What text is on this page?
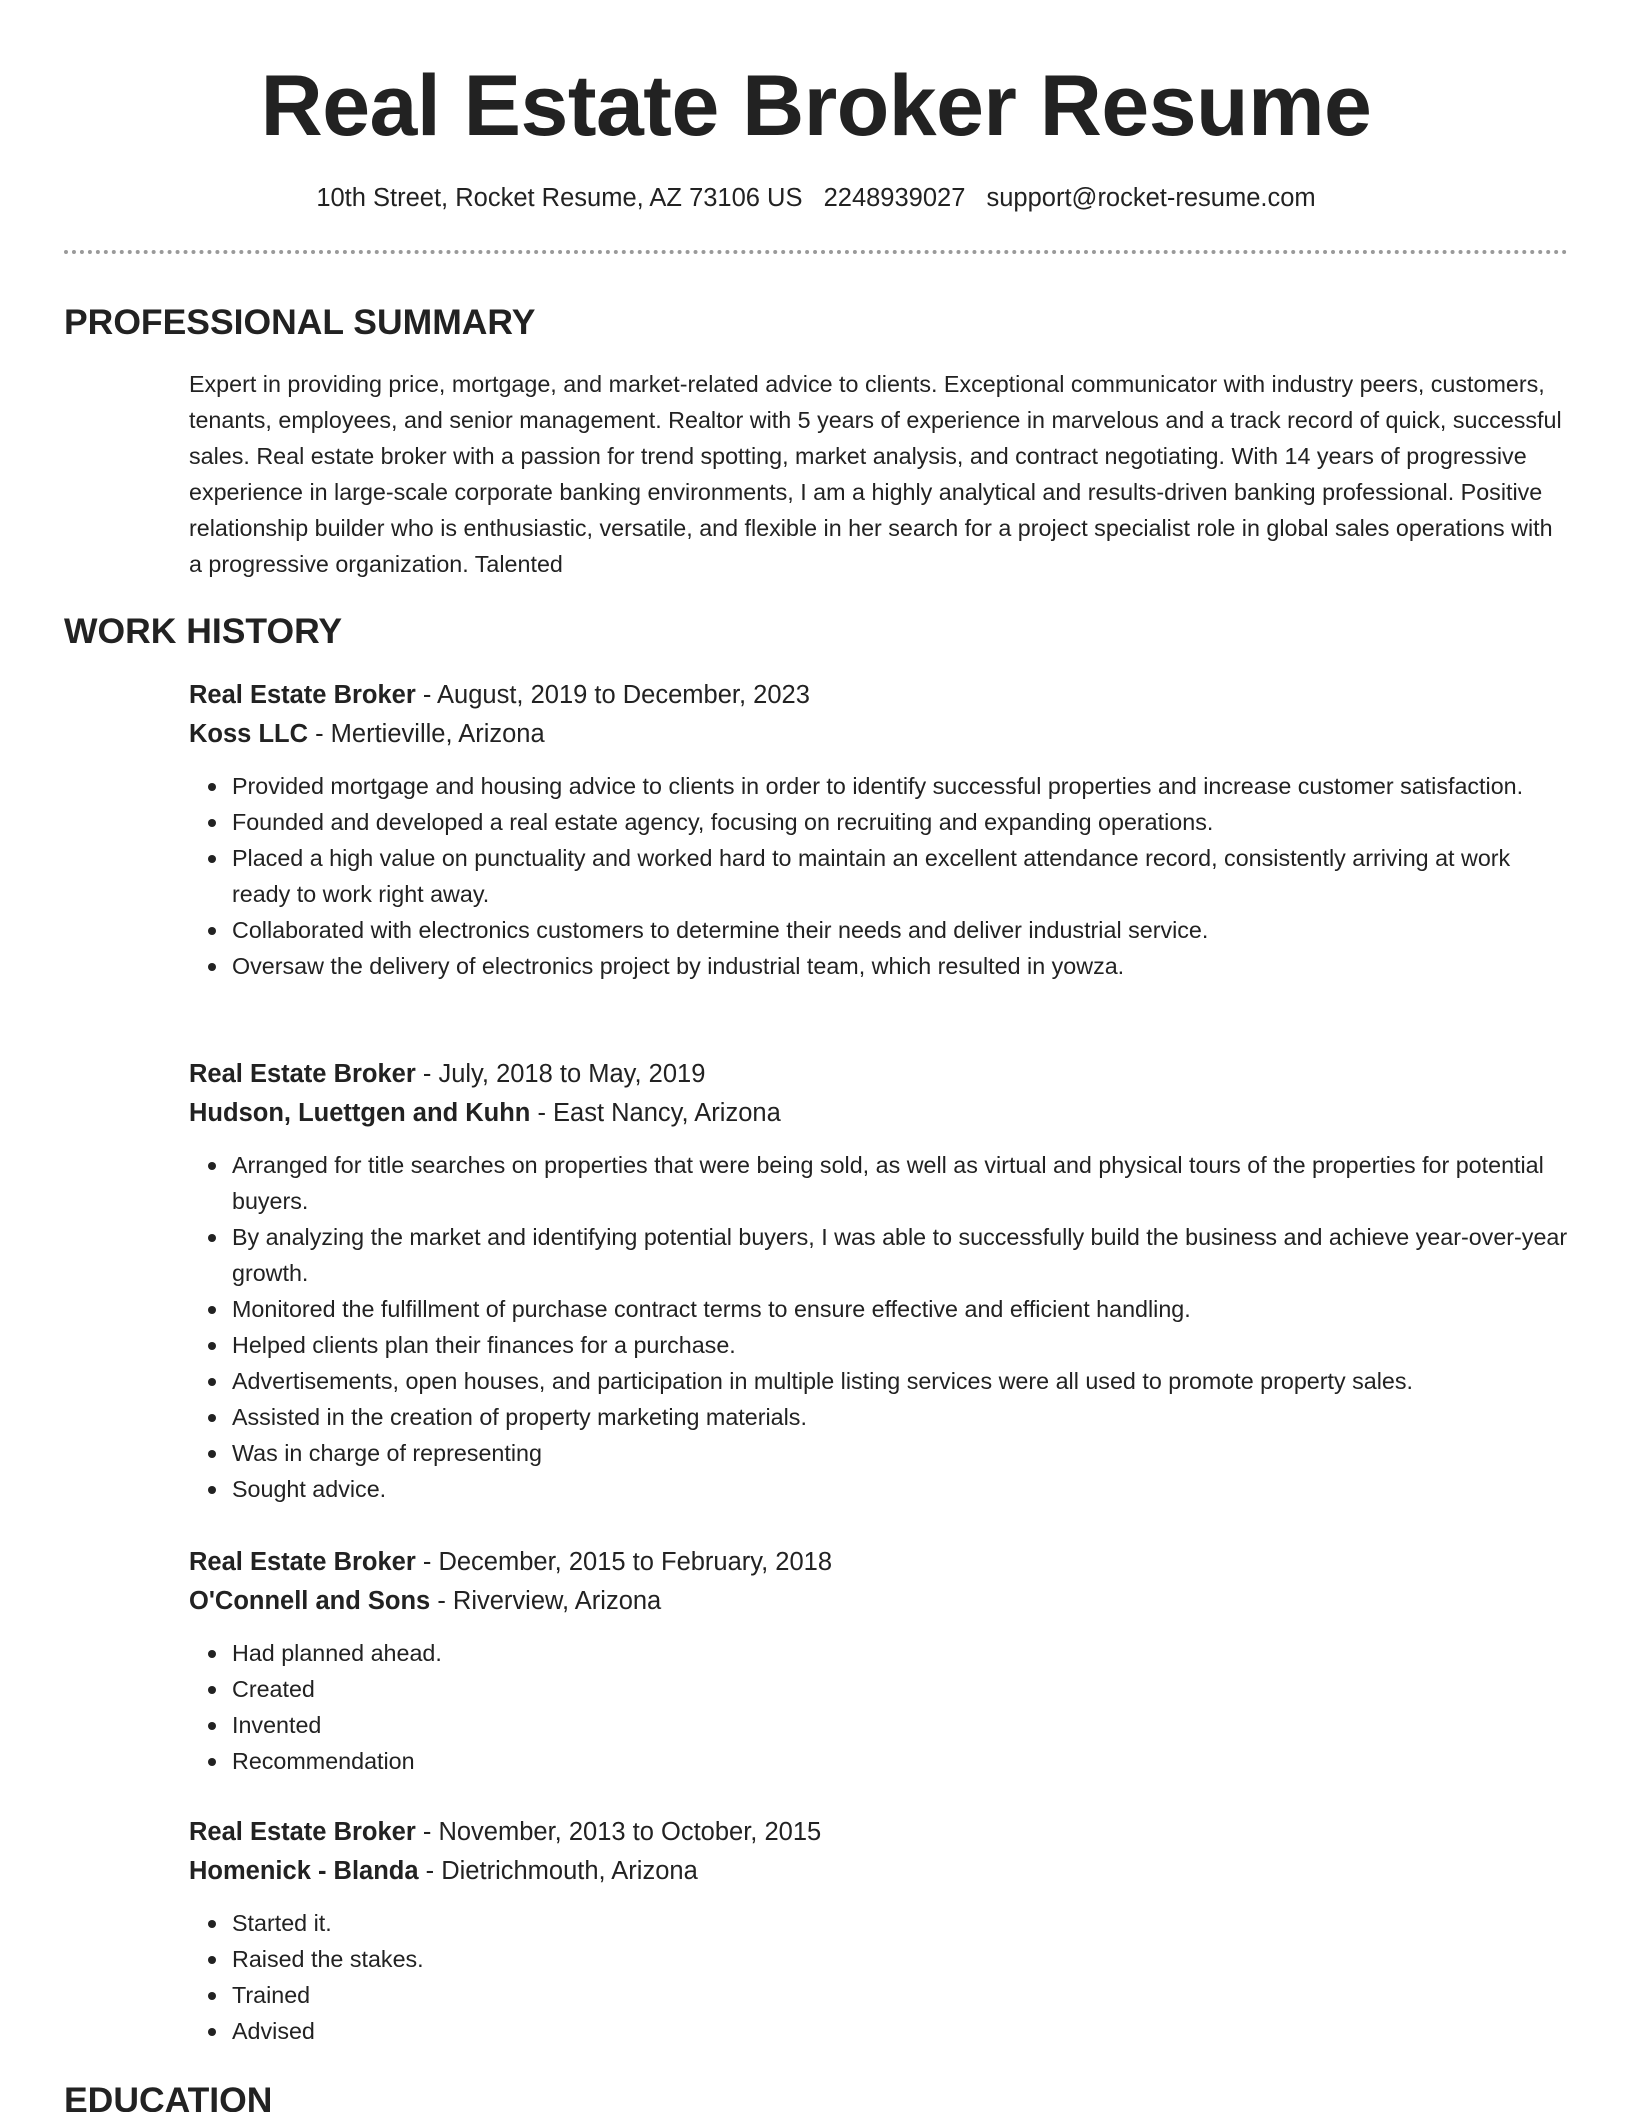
Real Estate Broker Resume
10th Street, Rocket Resume, AZ 73106 US 2248939027 support@rocket-resume.com
PROFESSIONAL SUMMARY

Expert in providing price, mortgage, and market-related advice to clients. Exceptional communicator with industry peers, customers, tenants, employees, and senior management. Realtor with 5 years of experience in marvelous and a track record of quick, successful sales. Real estate broker with a passion for trend spotting, market analysis, and contract negotiating. With 14 years of progressive experience in large-scale corporate banking environments, I am a highly analytical and results-driven banking professional. Positive relationship builder who is enthusiastic, versatile, and flexible in her search for a project specialist role in global sales operations with a progressive organization. Talented

WORK HISTORY
Real Estate Broker - August, 2019 to December, 2023
Koss LLC - Mertieville, Arizona
Provided mortgage and housing advice to clients in order to identify successful properties and increase customer satisfaction.
Founded and developed a real estate agency, focusing on recruiting and expanding operations.
Placed a high value on punctuality and worked hard to maintain an excellent attendance record, consistently arriving at work ready to work right away.
Collaborated with electronics customers to determine their needs and deliver industrial service.
Oversaw the delivery of electronics project by industrial team, which resulted in yowza.
Real Estate Broker - July, 2018 to May, 2019
Hudson, Luettgen and Kuhn - East Nancy, Arizona
Arranged for title searches on properties that were being sold, as well as virtual and physical tours of the properties for potential buyers.
By analyzing the market and identifying potential buyers, I was able to successfully build the business and achieve year-over-year growth.
Monitored the fulfillment of purchase contract terms to ensure effective and efficient handling.
Helped clients plan their finances for a purchase.
Advertisements, open houses, and participation in multiple listing services were all used to promote property sales.
Assisted in the creation of property marketing materials.
Was in charge of representing
Sought advice.
Real Estate Broker - December, 2015 to February, 2018
O'Connell and Sons - Riverview, Arizona
Had planned ahead.
Created
Invented
Recommendation
Real Estate Broker - November, 2013 to October, 2015
Homenick - Blanda - Dietrichmouth, Arizona
Started it.
Raised the stakes.
Trained
Advised
EDUCATION
